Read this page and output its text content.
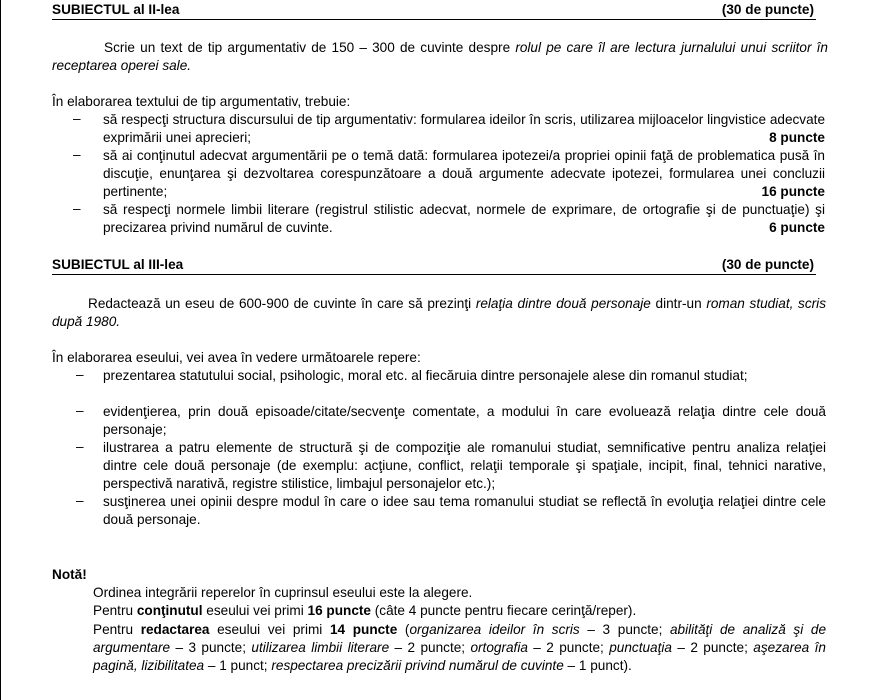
SUBIECTUL al II-lea	(30 de puncte)
Scrie un text de tip argumentativ de 150 – 300 de cuvinte despre rolul pe care îl are lectura jurnalului unui scriitor în receptarea operei sale.
În elaborarea textului de tip argumentativ, trebuie:
– să respecţi structura discursului de tip argumentativ: formularea ideilor în scris, utilizarea mijloacelor lingvistice adecvate exprimării unei aprecieri;	8 puncte
– să ai conţinutul adecvat argumentării pe o temă dată: formularea ipotezei/a propriei opinii faţă de problematica pusă în discuţie, enunţarea şi dezvoltarea corespunzătoare a două argumente adecvate ipotezei, formularea unei concluzii pertinente;	16 puncte
– să respecţi normele limbii literare (registrul stilistic adecvat, normele de exprimare, de ortografie şi de punctuaţie) şi precizarea privind numărul de cuvinte.	6 puncte
SUBIECTUL al III-lea	(30 de puncte)
Redactează un eseu de 600-900 de cuvinte în care să prezinţi relaţia dintre două personaje dintr-un roman studiat, scris după 1980.
În elaborarea eseului, vei avea în vedere următoarele repere:
– prezentarea statutului social, psihologic, moral etc. al fiecăruia dintre personajele alese din romanul studiat;
– evidenţierea, prin două episoade/citate/secvenţe comentate, a modului în care evoluează relaţia dintre cele două personaje;
– ilustrarea a patru elemente de structură şi de compoziţie ale romanului studiat, semnificative pentru analiza relaţiei dintre cele două personaje (de exemplu: acţiune, conflict, relaţii temporale şi spaţiale, incipit, final, tehnici narative, perspectivă narativă, registre stilistice, limbajul personajelor etc.);
– susţinerea unei opinii despre modul în care o idee sau tema romanului studiat se reflectă în evoluţia relaţiei dintre cele două personaje.
Notă!
Ordinea integrării reperelor în cuprinsul eseului este la alegere.
Pentru conţinutul eseului vei primi 16 puncte (câte 4 puncte pentru fiecare cerinţă/reper).
Pentru redactarea eseului vei primi 14 puncte (organizarea ideilor în scris – 3 puncte; abilităţi de analiză şi de argumentare – 3 puncte; utilizarea limbii literare – 2 puncte; ortografia – 2 puncte; punctuaţia – 2 puncte; aşezarea în pagină, lizibilitatea – 1 punct; respectarea precizării privind numărul de cuvinte – 1 punct).
